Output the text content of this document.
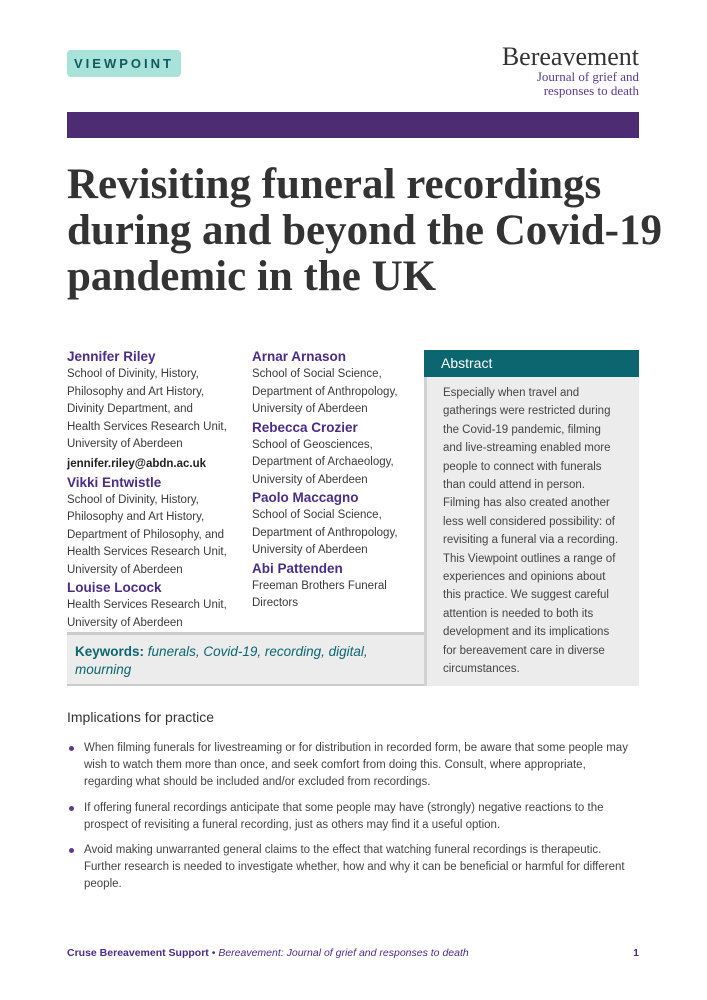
VIEWPOINT	Bereavement
Journal of grief and
responses to death
Revisiting funeral recordings
during and beyond the Covid-19
pandemic in the UK
Jennifer Riley
School of Divinity, History,
Philosophy and Art History,
Divinity Department, and
Health Services Research Unit,
University of Aberdeen
jennifer.riley@abdn.ac.uk
Vikki Entwistle
School of Divinity, History,
Philosophy and Art History,
Department of Philosophy, and
Health Services Research Unit,
University of Aberdeen
Louise Locock
Health Services Research Unit,
University of Aberdeen
Arnar Arnason
School of Social Science,
Department of Anthropology,
University of Aberdeen
Rebecca Crozier
School of Geosciences,
Department of Archaeology,
University of Aberdeen
Paolo Maccagno
School of Social Science,
Department of Anthropology,
University of Aberdeen
Abi Pattenden
Freeman Brothers Funeral
Directors
Abstract
Especially when travel and
gatherings were restricted during
the Covid-19 pandemic, filming
and live-streaming enabled more
people to connect with funerals
than could attend in person.
Filming has also created another
less well considered possibility: of
revisiting a funeral via a recording.
This Viewpoint outlines a range of
experiences and opinions about
this practice. We suggest careful
attention is needed to both its
development and its implications
for bereavement care in diverse
circumstances.
Keywords: funerals, Covid-19, recording, digital, mourning
Implications for practice
When filming funerals for livestreaming or for distribution in recorded form, be aware that some people may wish to watch them more than once, and seek comfort from doing this. Consult, where appropriate, regarding what should be included and/or excluded from recordings.
If offering funeral recordings anticipate that some people may have (strongly) negative reactions to the prospect of revisiting a funeral recording, just as others may find it a useful option.
Avoid making unwarranted general claims to the effect that watching funeral recordings is therapeutic. Further research is needed to investigate whether, how and why it can be beneficial or harmful for different people.
Cruse Bereavement Support • Bereavement: Journal of grief and responses to death	1
